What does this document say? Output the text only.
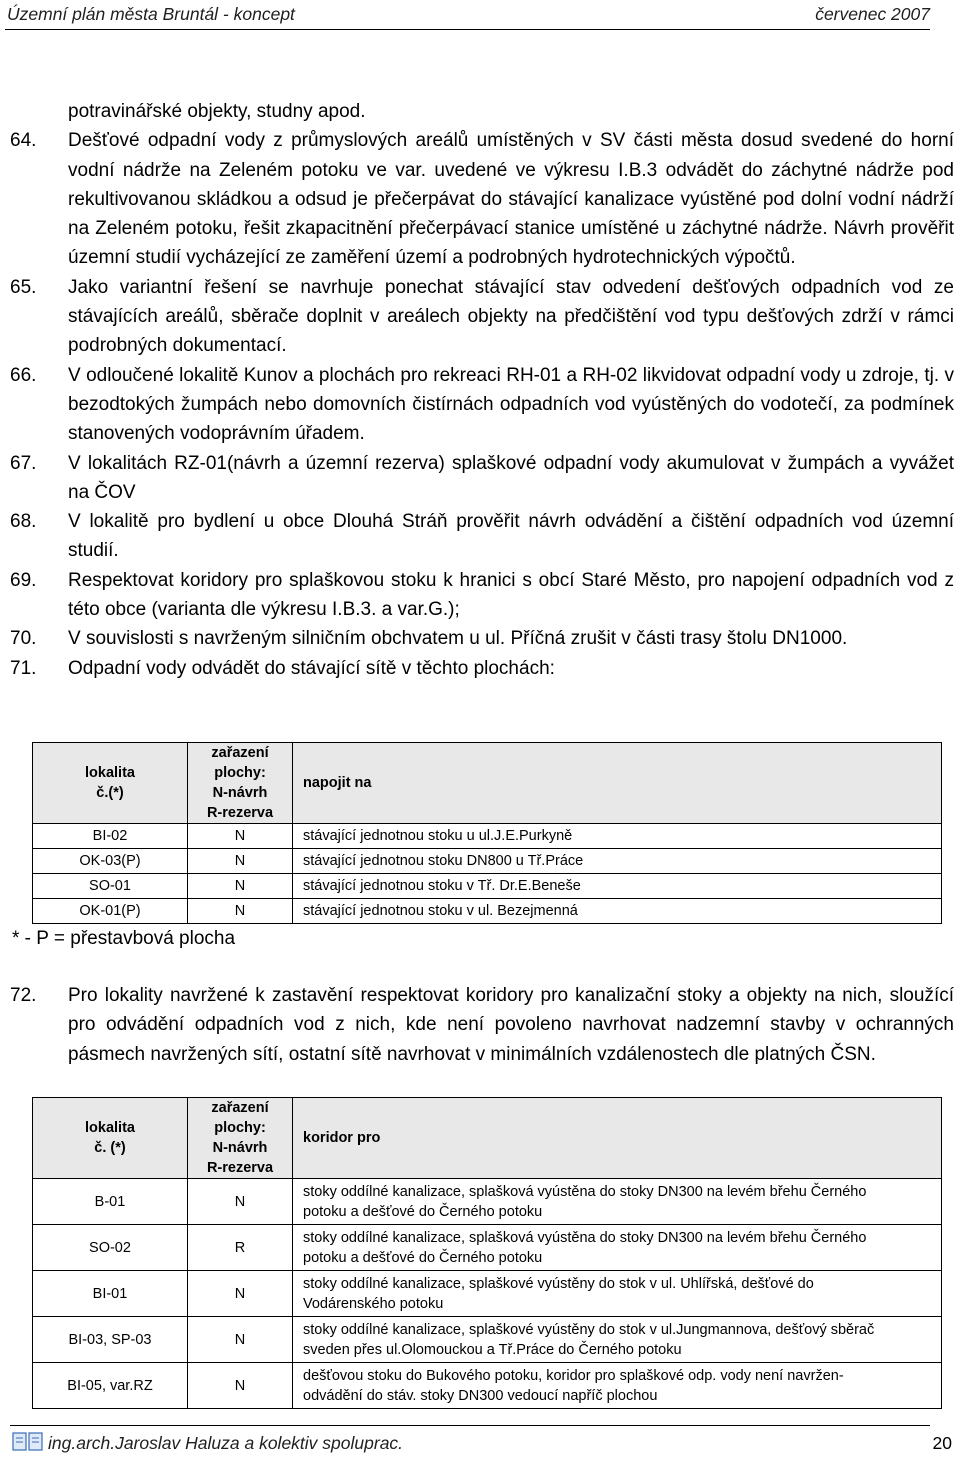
Územní plán města Bruntál - koncept	červenec 2007
potravinářské objekty, studny apod.
64. Dešťové odpadní vody z průmyslových areálů umístěných v SV části města dosud svedené do horní vodní nádrže na Zeleném potoku ve var. uvedené ve výkresu I.B.3 odvádět do záchytné nádrže pod rekultivovanou skládkou a odsud je přečerpávat do stávající kanalizace vyústěné pod dolní vodní nádrží na Zeleném potoku, řešit zkapacitnění přečerpávací stanice umístěné u záchytné nádrže. Návrh prověřit územní studií vycházející ze zaměření území a podrobných hydrotechnických výpočtů.
65. Jako variantní řešení se navrhuje ponechat stávající stav odvedení dešťových odpadních vod ze stávajících areálů, sběrače doplnit v areálech objekty na předčištění vod typu dešťových zdrží v rámci podrobných dokumentací.
66. V odloučené lokalitě Kunov a plochách pro rekreaci RH-01 a RH-02 likvidovat odpadní vody u zdroje, tj. v bezodtokých žumpách nebo domovních čistírnách odpadních vod vyústěných do vodotečí, za podmínek stanovených vodoprávním úřadem.
67. V lokalitách RZ-01(návrh a územní rezerva) splaškové odpadní vody akumulovat v žumpách a vyvážet na ČOV
68. V lokalitě pro bydlení u obce Dlouhá Stráň prověřit návrh odvádění a čištění odpadních vod územní studií.
69. Respektovat koridory pro splaškovou stoku k hranici s obcí Staré Město, pro napojení odpadních vod z této obce (varianta dle výkresu I.B.3. a var.G.);
70. V souvislosti s navrženým silničním obchvatem u ul. Příčná zrušit v části trasy štolu DN1000.
71. Odpadní vody odvádět do stávající sítě v těchto plochách:
lokalita
č.(*)	zařazení
plochy:
N-návrh
R-rezerva	napojit na
BI-02	N	stávající jednotnou stoku u ul.J.E.Purkyně
OK-03(P)	N	stávající jednotnou stoku DN800 u Tř.Práce
SO-01	N	stávající jednotnou stoku v Tř. Dr.E.Beneše
OK-01(P)	N	stávající jednotnou stoku v ul. Bezejmenná
* - P = přestavbová plocha
72. Pro lokality navržené k zastavění respektovat koridory pro kanalizační stoky a objekty na nich, sloužící pro odvádění odpadních vod z nich, kde není povoleno navrhovat nadzemní stavby v ochranných pásmech navržených sítí, ostatní sítě navrhovat v minimálních vzdálenostech dle platných ČSN.
lokalita
č. (*)	zařazení
plochy:
N-návrh
R-rezerva	koridor pro
B-01	N	stoky oddílné kanalizace, splašková vyústěna do stoky DN300 na levém břehu Černého
potoku a dešťové do Černého potoku

SO-02	R	stoky oddílné kanalizace, splašková vyústěna do stoky DN300 na levém břehu Černého
potoku a dešťové do Černého potoku

BI-01	N	stoky oddílné kanalizace, splaškové vyústěny do stok v ul. Uhlířská, dešťové do
Vodárenského potoku

BI-03, SP-03	N	stoky oddílné kanalizace, splaškové vyústěny do stok v ul.Jungmannova, dešťový sběrač
sveden přes ul.Olomouckou a Tř.Práce do Černého potoku

BI-05, var.RZ	N	dešťovou stoku do Bukového potoku, koridor pro splaškové odp. vody není navržen-
odvádění do stáv. stoky DN300 vedoucí napříč plochou
ing.arch.Jaroslav Haluza a kolektiv spoluprac.	20
